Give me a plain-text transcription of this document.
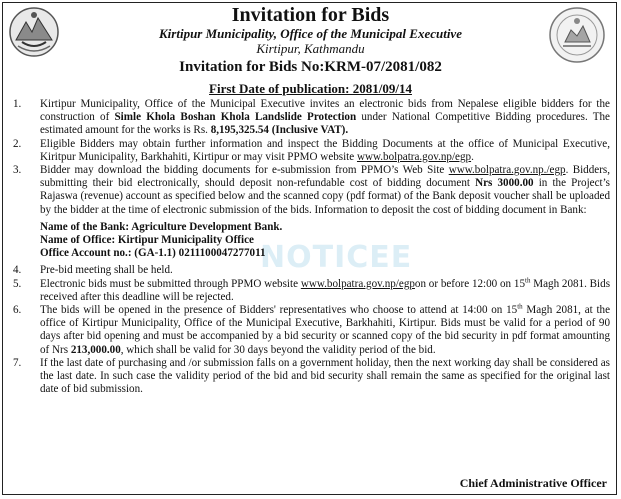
Invitation for Bids
Kirtipur Municipality, Office of the Municipal Executive
Kirtipur, Kathmandu
Invitation for Bids No:KRM-07/2081/082
First Date of publication: 2081/09/14
NOTICEE
1. Kirtipur Municipality, Office of the Municipal Executive invites an electronic bids from Nepalese eligible bidders for the construction of Simle Khola Boshan Khola Landslide Protection under National Competitive Bidding procedures. The estimated amount for the works is Rs. 8,195,325.54 (Inclusive VAT).
2. Eligible Bidders may obtain further information and inspect the Bidding Documents at the office of Municipal Executive, Kiritpur Municipality, Barkhahiti, Kirtipur or may visit PPMO website www.bolpatra.gov.np/egp.
3. Bidder may download the bidding documents for e-submission from PPMO’s Web Site www.bolpatra.gov.np./egp. Bidders, submitting their bid electronically, should deposit non-refundable cost of bidding document Nrs 3000.00 in the Project’s Rajaswa (revenue) account as specified below and the scanned copy (pdf format) of the Bank deposit voucher shall be uploaded by the bidder at the time of electronic submission of the bids. Information to deposit the cost of bidding document in Bank:
Name of the Bank: Agriculture Development Bank.
Name of Office: Kirtipur Municipality Office
Office Account no.: (GA-1.1) 0211100047277011
4. Pre-bid meeting shall be held.
5. Electronic bids must be submitted through PPMO website www.bolpatra.gov.np/egpon or before 12:00 on 15th Magh 2081. Bids received after this deadline will be rejected.
6. The bids will be opened in the presence of Bidders' representatives who choose to attend at 14:00 on 15th Magh 2081, at the office of Kirtipur Municipality, Office of the Municipal Executive, Barkhahiti, Kirtipur. Bids must be valid for a period of 90 days after bid opening and must be accompanied by a bid security or scanned copy of the bid security in pdf format amounting of Nrs 213,000.00, which shall be valid for 30 days beyond the validity period of the bid.
7. If the last date of purchasing and /or submission falls on a government holiday, then the next working day shall be considered as the last date. In such case the validity period of the bid and bid security shall remain the same as specified for the original last date of bid submission.
Chief Administrative Officer
